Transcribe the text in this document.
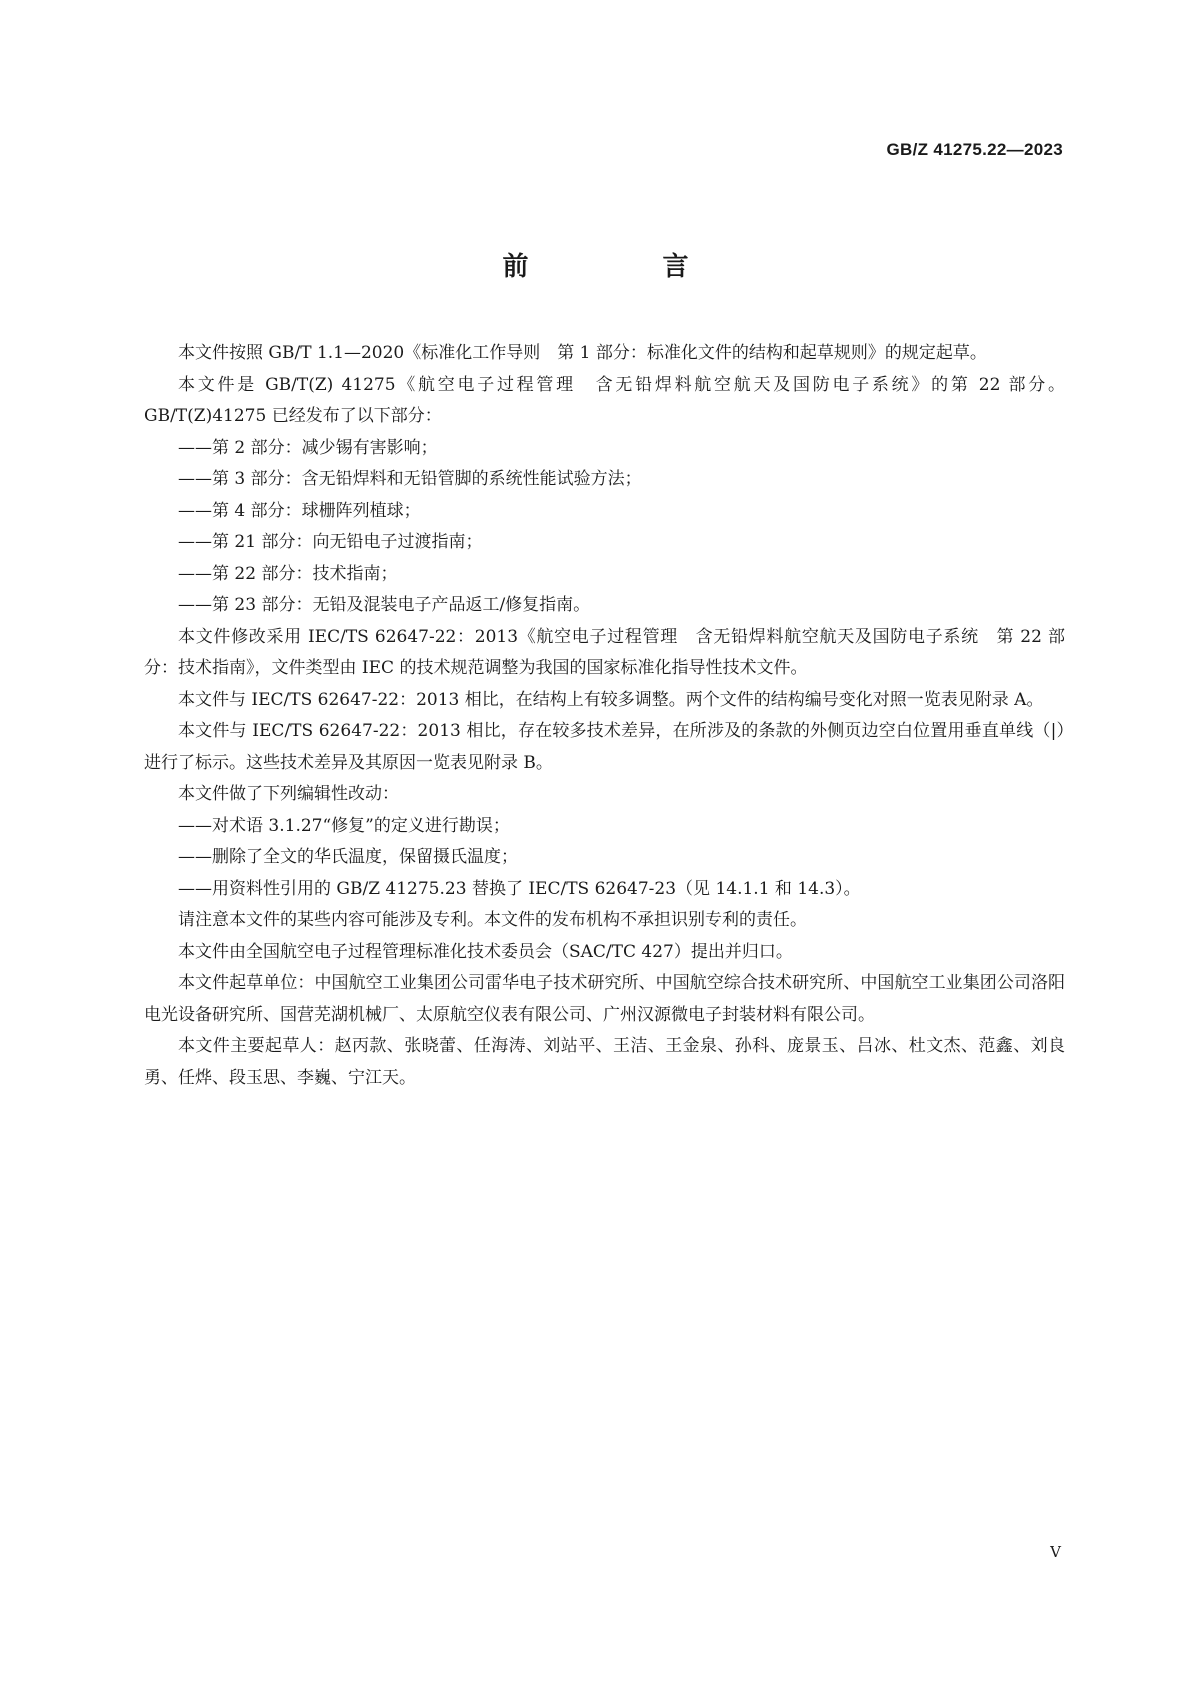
GB/Z 41275.22—2023
前　言

本文件按照 GB/T 1.1—2020《标准化工作导则　第 1 部分：标准化文件的结构和起草规则》的规定起草。

本文件是 GB/T(Z) 41275《航空电子过程管理　含无铅焊料航空航天及国防电子系统》的第 22 部分。GB/T(Z)41275 已经发布了以下部分：

——第 2 部分：减少锡有害影响；

——第 3 部分：含无铅焊料和无铅管脚的系统性能试验方法；

——第 4 部分：球栅阵列植球；

——第 21 部分：向无铅电子过渡指南；

——第 22 部分：技术指南；

——第 23 部分：无铅及混装电子产品返工/修复指南。

本文件修改采用 IEC/TS 62647-22：2013《航空电子过程管理　含无铅焊料航空航天及国防电子系统　第 22 部分：技术指南》，文件类型由 IEC 的技术规范调整为我国的国家标准化指导性技术文件。

本文件与 IEC/TS 62647-22：2013 相比，在结构上有较多调整。两个文件的结构编号变化对照一览表见附录 A。

本文件与 IEC/TS 62647-22：2013 相比，存在较多技术差异，在所涉及的条款的外侧页边空白位置用垂直单线（|）进行了标示。这些技术差异及其原因一览表见附录 B。

本文件做了下列编辑性改动：

——对术语 3.1.27“修复”的定义进行勘误；

——删除了全文的华氏温度，保留摄氏温度；

——用资料性引用的 GB/Z 41275.23 替换了 IEC/TS 62647-23（见 14.1.1 和 14.3）。

请注意本文件的某些内容可能涉及专利。本文件的发布机构不承担识别专利的责任。

本文件由全国航空电子过程管理标准化技术委员会（SAC/TC 427）提出并归口。

本文件起草单位：中国航空工业集团公司雷华电子技术研究所、中国航空综合技术研究所、中国航空工业集团公司洛阳电光设备研究所、国营芜湖机械厂、太原航空仪表有限公司、广州汉源微电子封装材料有限公司。

本文件主要起草人：赵丙款、张晓蕾、任海涛、刘站平、王洁、王金泉、孙科、庞景玉、吕冰、杜文杰、范鑫、刘良勇、任烨、段玉思、李巍、宁江天。

V
